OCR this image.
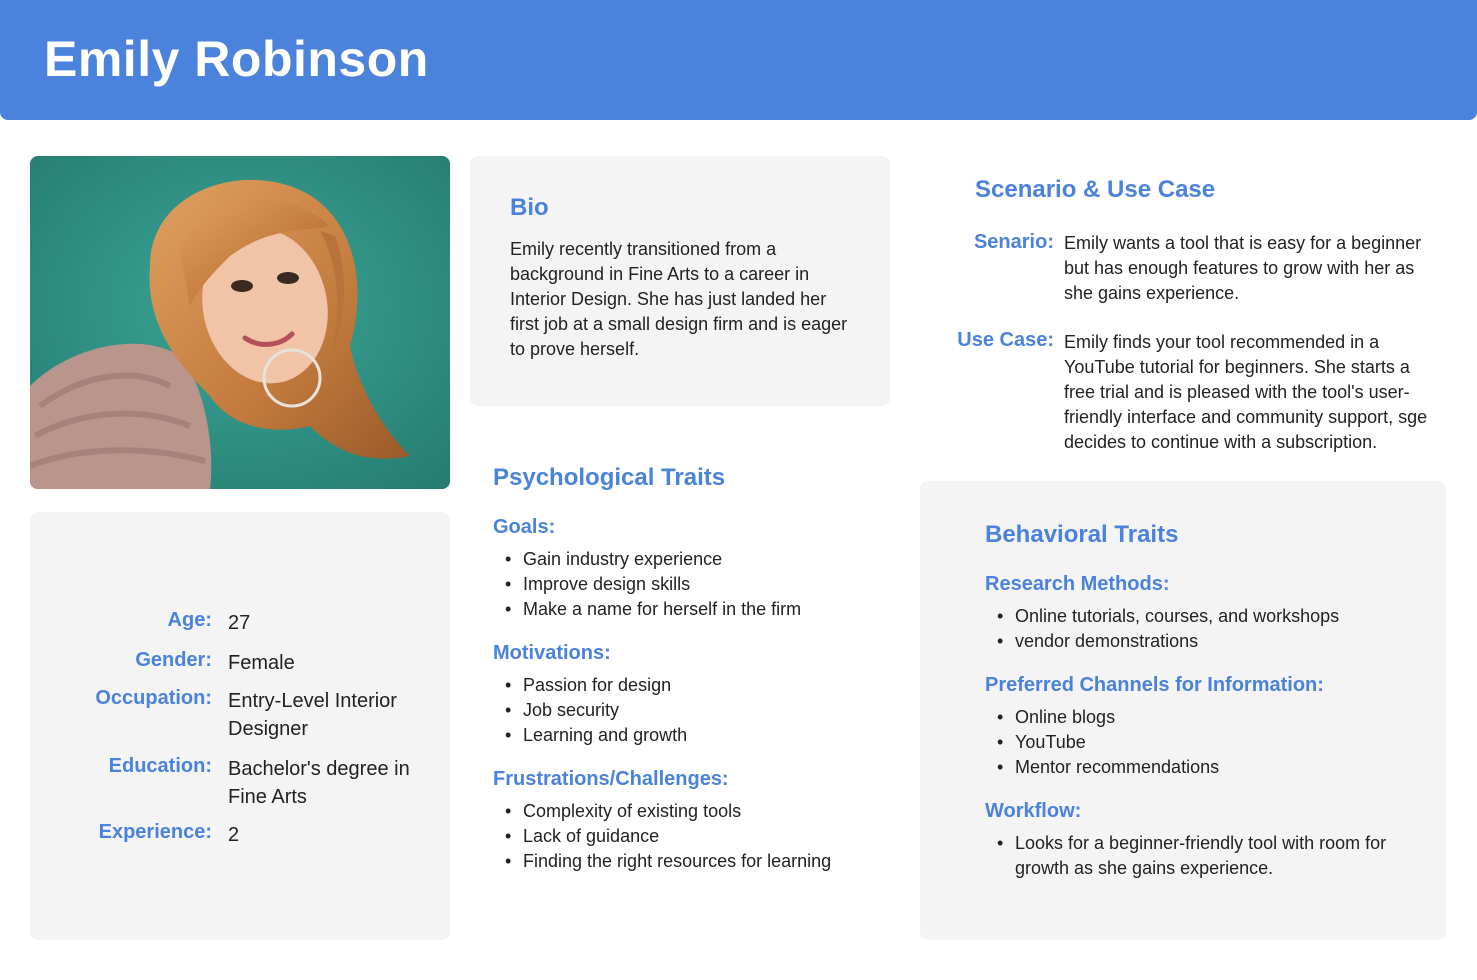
Emily Robinson
Age: 27
Gender: Female
Occupation: Entry-Level Interior Designer
Education: Bachelor's degree in Fine Arts
Experience: 2
Bio

Emily recently transitioned from a background in Fine Arts to a career in Interior Design. She has just landed her first job at a small design firm and is eager to prove herself.

Psychological Traits
Goals:
• Gain industry experience
• Improve design skills
• Make a name for herself in the firm
Motivations:
• Passion for design
• Job security
• Learning and growth
Frustrations/Challenges:
• Complexity of existing tools
• Lack of guidance
• Finding the right resources for learning
Scenario & Use Case
Senario: Emily wants a tool that is easy for a beginner but has enough features to grow with her as she gains experience.

Use Case: Emily finds your tool recommended in a YouTube tutorial for beginners. She starts a free trial and is pleased with the tool's user-friendly interface and community support, sge decides to continue with a subscription.

Behavioral Traits
Research Methods:
• Online tutorials, courses, and workshops
• vendor demonstrations
Preferred Channels for Information:
• Online blogs
• YouTube
• Mentor recommendations
Workflow:
• Looks for a beginner-friendly tool with room for growth as she gains experience.
